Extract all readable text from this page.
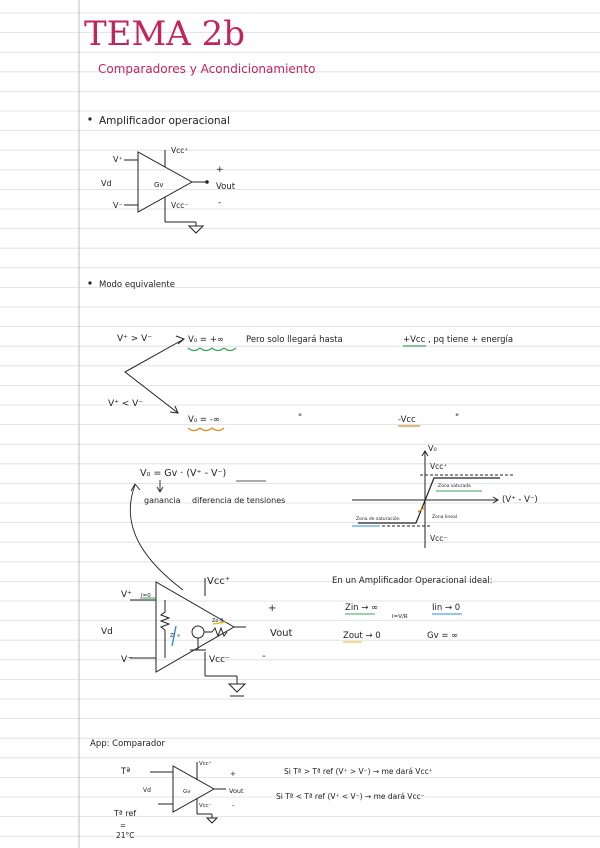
TEMA 2b
Comparadores y Acondicionamiento
Amplificador operacional
V⁺
V⁻
Vd	Gv
Vcc⁺
Vcc⁻
+
-
Vout
Modo equivalente
V⁺ > V⁻
V⁺ < V⁻
V₀ = +∞	Pero solo llegará hasta	+Vcc , pq tiene + energía
V₀ = -∞	"	-Vcc	"
V₀ = Gv · (V⁺ - V⁻)
ganancia diferencia de tensiones
V₀
(V⁺ - V⁻)
Vcc⁺
Vcc⁻
Zona saturada
Zona de saturación	Zona lineal
V⁺ I=0
V⁻
Vd
Vcc⁺
Vcc⁻
Zi ∞
Zo 0
+
-
Vout
En un Amplificador Operacional ideal:
Zin → ∞
I=V/R
Iin → 0
Zout → 0	Gv = ∞
App: Comparador
Tª
Tª ref
=
21°C
Vd	Gv
Vcc⁺
Vcc⁻
Vout
+
-
Si Tª > Tª ref (V⁺ > V⁻) → me dará Vcc⁺
Si Tª < Tª ref (V⁺ < V⁻) → me dará Vcc⁻
